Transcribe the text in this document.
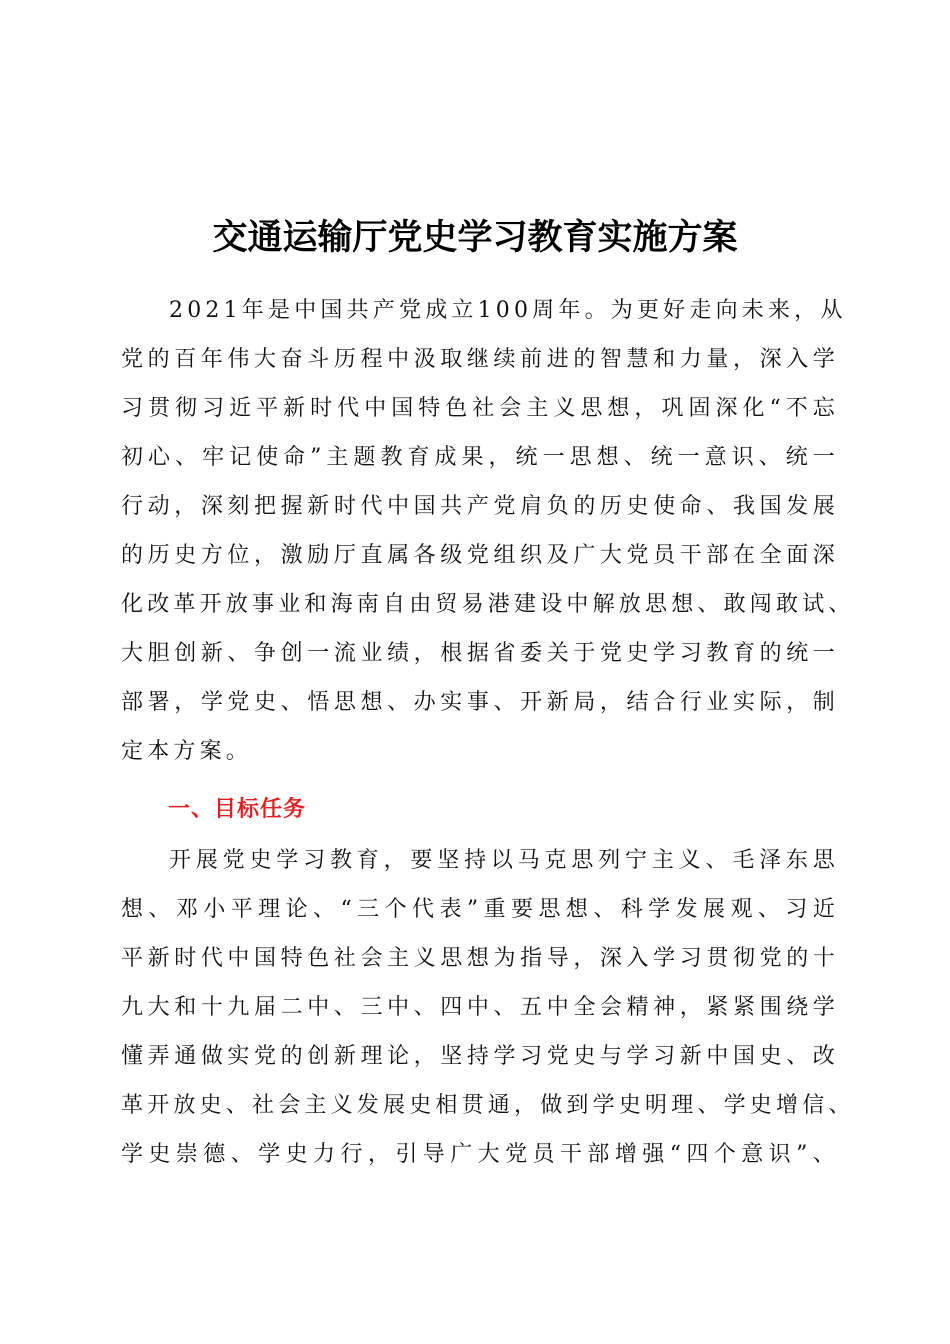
交通运输厅党史学习教育实施方案
2021年是中国共产党成立100周年。为更好走向未来，从
党的百年伟大奋斗历程中汲取继续前进的智慧和力量，深入学
习贯彻习近平新时代中国特色社会主义思想，巩固深化“不忘
初心、牢记使命”主题教育成果，统一思想、统一意识、统一
行动，深刻把握新时代中国共产党肩负的历史使命、我国发展
的历史方位，激励厅直属各级党组织及广大党员干部在全面深
化改革开放事业和海南自由贸易港建设中解放思想、敢闯敢试、
大胆创新、争创一流业绩，根据省委关于党史学习教育的统一
部署，学党史、悟思想、办实事、开新局，结合行业实际，制
定本方案。
一、目标任务
开展党史学习教育，要坚持以马克思列宁主义、毛泽东思
想、邓小平理论、“三个代表”重要思想、科学发展观、习近
平新时代中国特色社会主义思想为指导，深入学习贯彻党的十
九大和十九届二中、三中、四中、五中全会精神，紧紧围绕学
懂弄通做实党的创新理论，坚持学习党史与学习新中国史、改
革开放史、社会主义发展史相贯通，做到学史明理、学史增信、
学史崇德、学史力行，引导广大党员干部增强“四个意识”、
